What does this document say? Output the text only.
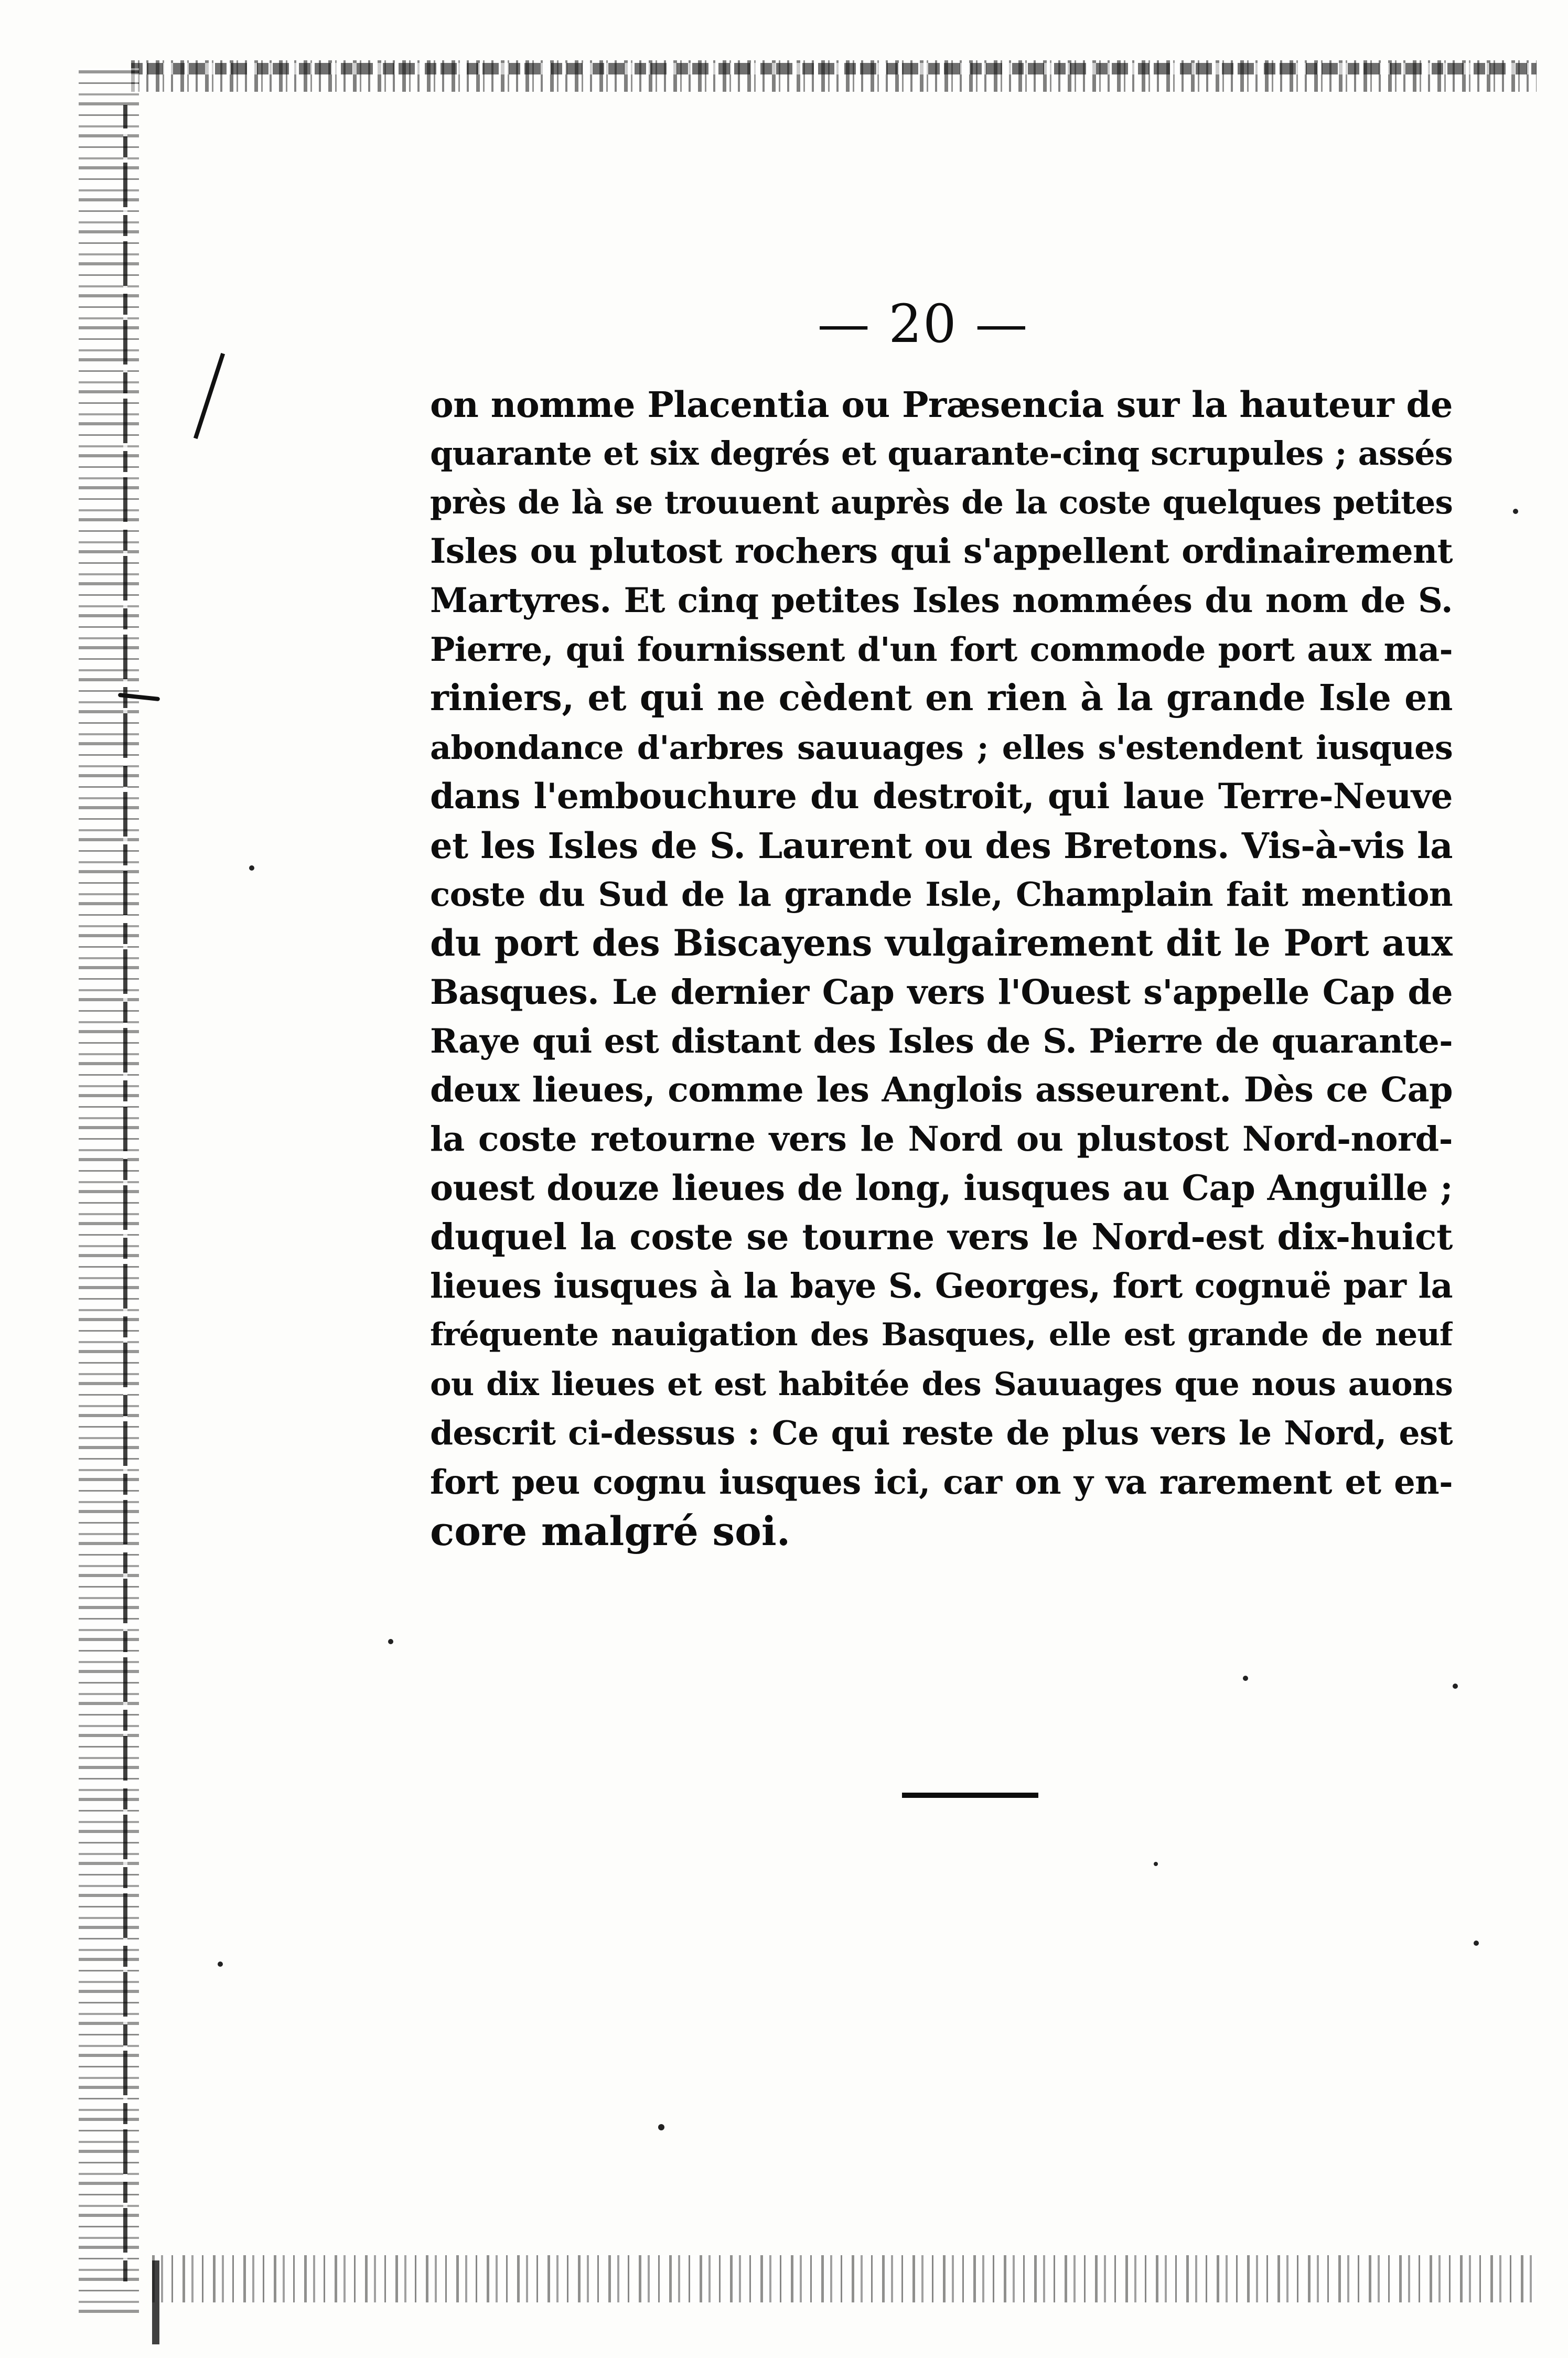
— 20 —
on nomme Placentia ou Præsencia sur la hauteur de
quarante et six degrés et quarante-cinq scrupules ; assés
près de là se trouuent auprès de la coste quelques petites
Isles ou plutost rochers qui s'appellent ordinairement
Martyres. Et cinq petites Isles nommées du nom de S.
Pierre, qui fournissent d'un fort commode port aux ma-
riniers, et qui ne cèdent en rien à la grande Isle en
abondance d'arbres sauuages ; elles s'estendent iusques
dans l'embouchure du destroit, qui laue Terre-Neuve
et les Isles de S. Laurent ou des Bretons. Vis-à-vis la
coste du Sud de la grande Isle, Champlain fait mention
du port des Biscayens vulgairement dit le Port aux
Basques. Le dernier Cap vers l'Ouest s'appelle Cap de
Raye qui est distant des Isles de S. Pierre de quarante-
deux lieues, comme les Anglois asseurent. Dès ce Cap
la coste retourne vers le Nord ou plustost Nord-nord-
ouest douze lieues de long, iusques au Cap Anguille ;
duquel la coste se tourne vers le Nord-est dix-huict
lieues iusques à la baye S. Georges, fort cognuë par la
fréquente nauigation des Basques, elle est grande de neuf
ou dix lieues et est habitée des Sauuages que nous auons
descrit ci-dessus : Ce qui reste de plus vers le Nord, est
fort peu cognu iusques ici, car on y va rarement et en-
core malgré soi.
